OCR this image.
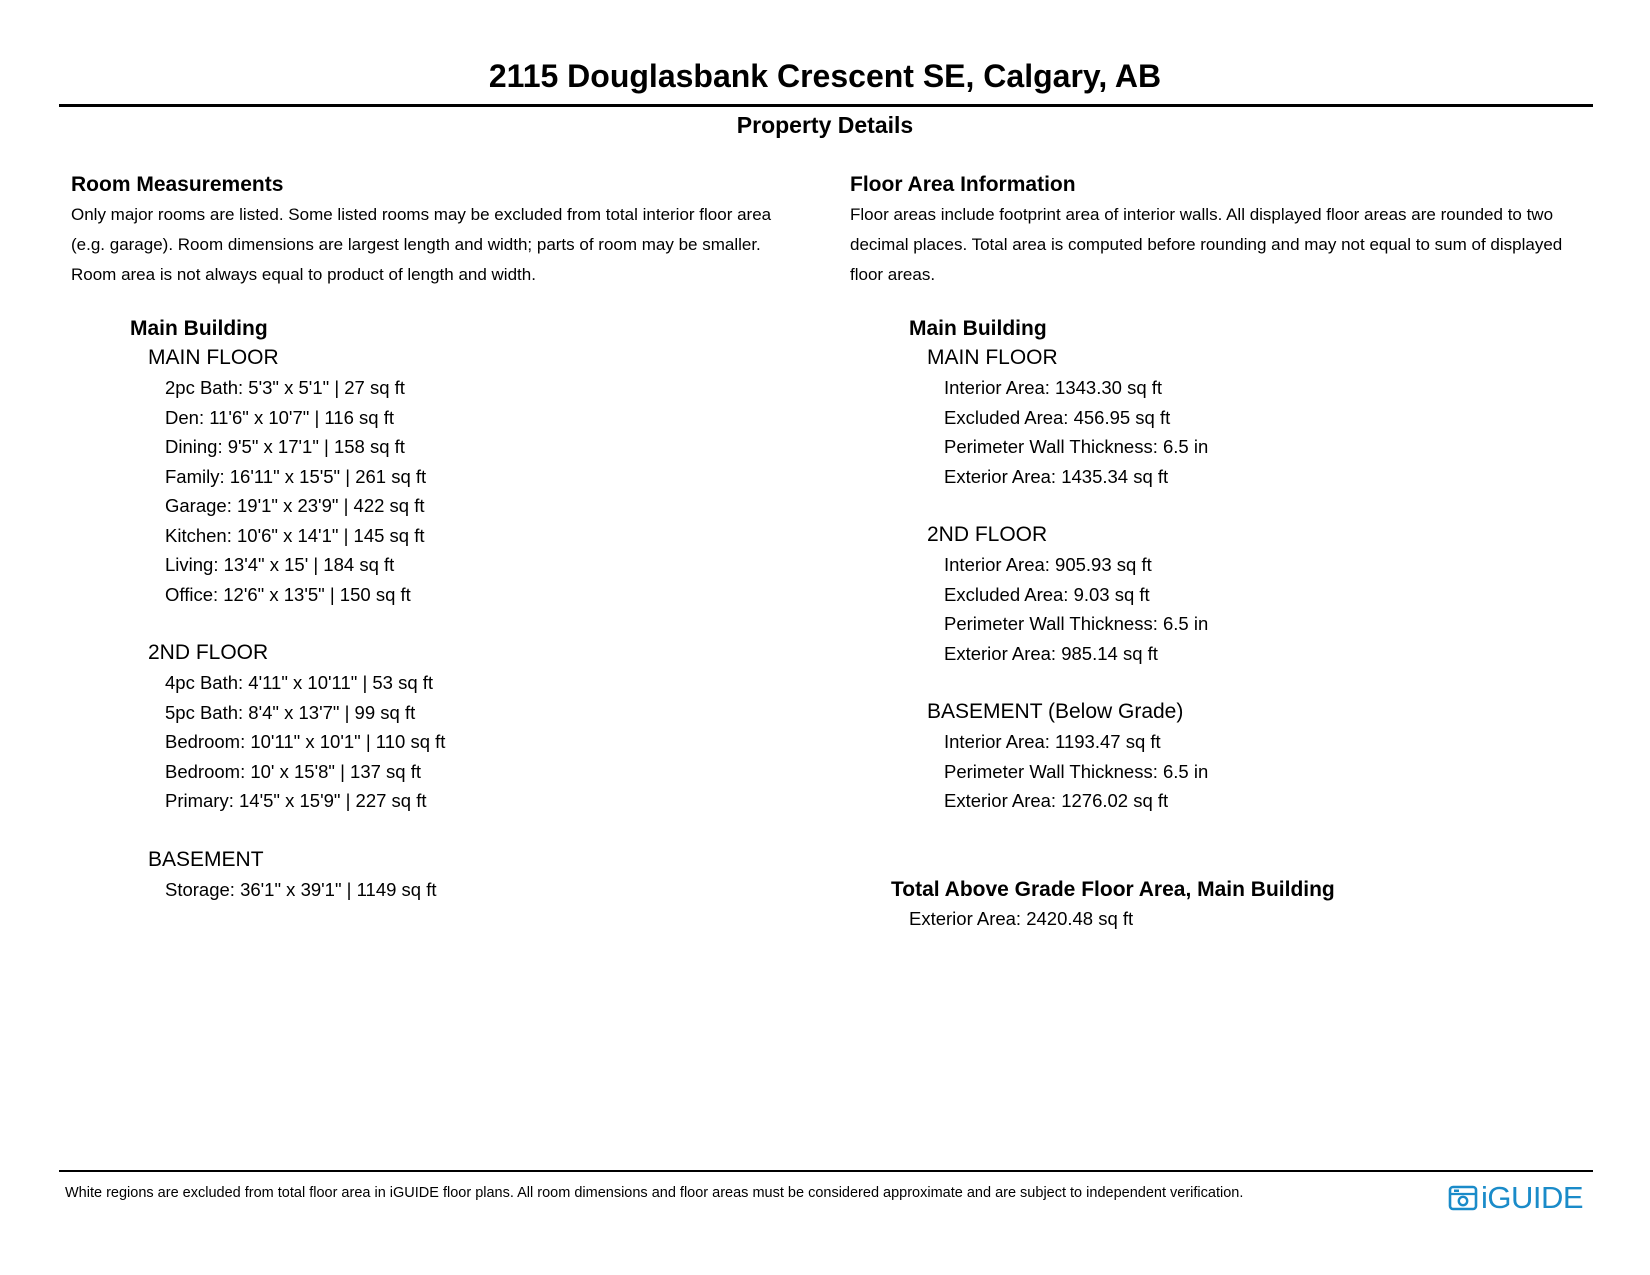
2115 Douglasbank Crescent SE, Calgary, AB
Property Details
Room Measurements
Only major rooms are listed. Some listed rooms may be excluded from total interior floor area
(e.g. garage). Room dimensions are largest length and width; parts of room may be smaller.
Room area is not always equal to product of length and width.
Main Building
MAIN FLOOR
2pc Bath: 5'3" x 5'1" | 27 sq ft
Den: 11'6" x 10'7" | 116 sq ft
Dining: 9'5" x 17'1" | 158 sq ft
Family: 16'11" x 15'5" | 261 sq ft
Garage: 19'1" x 23'9" | 422 sq ft
Kitchen: 10'6" x 14'1" | 145 sq ft
Living: 13'4" x 15' | 184 sq ft
Office: 12'6" x 13'5" | 150 sq ft
2ND FLOOR
4pc Bath: 4'11" x 10'11" | 53 sq ft
5pc Bath: 8'4" x 13'7" | 99 sq ft
Bedroom: 10'11" x 10'1" | 110 sq ft
Bedroom: 10' x 15'8" | 137 sq ft
Primary: 14'5" x 15'9" | 227 sq ft
BASEMENT
Storage: 36'1" x 39'1" | 1149 sq ft
Floor Area Information
Floor areas include footprint area of interior walls. All displayed floor areas are rounded to two
decimal places. Total area is computed before rounding and may not equal to sum of displayed
floor areas.
Main Building
MAIN FLOOR
Interior Area: 1343.30 sq ft
Excluded Area: 456.95 sq ft
Perimeter Wall Thickness: 6.5 in
Exterior Area: 1435.34 sq ft
2ND FLOOR
Interior Area: 905.93 sq ft
Excluded Area: 9.03 sq ft
Perimeter Wall Thickness: 6.5 in
Exterior Area: 985.14 sq ft
BASEMENT (Below Grade)
Interior Area: 1193.47 sq ft
Perimeter Wall Thickness: 6.5 in
Exterior Area: 1276.02 sq ft
Total Above Grade Floor Area, Main Building
Exterior Area: 2420.48 sq ft
White regions are excluded from total floor area in iGUIDE floor plans. All room dimensions and floor areas must be considered approximate and are subject to independent verification.	iGUIDE
